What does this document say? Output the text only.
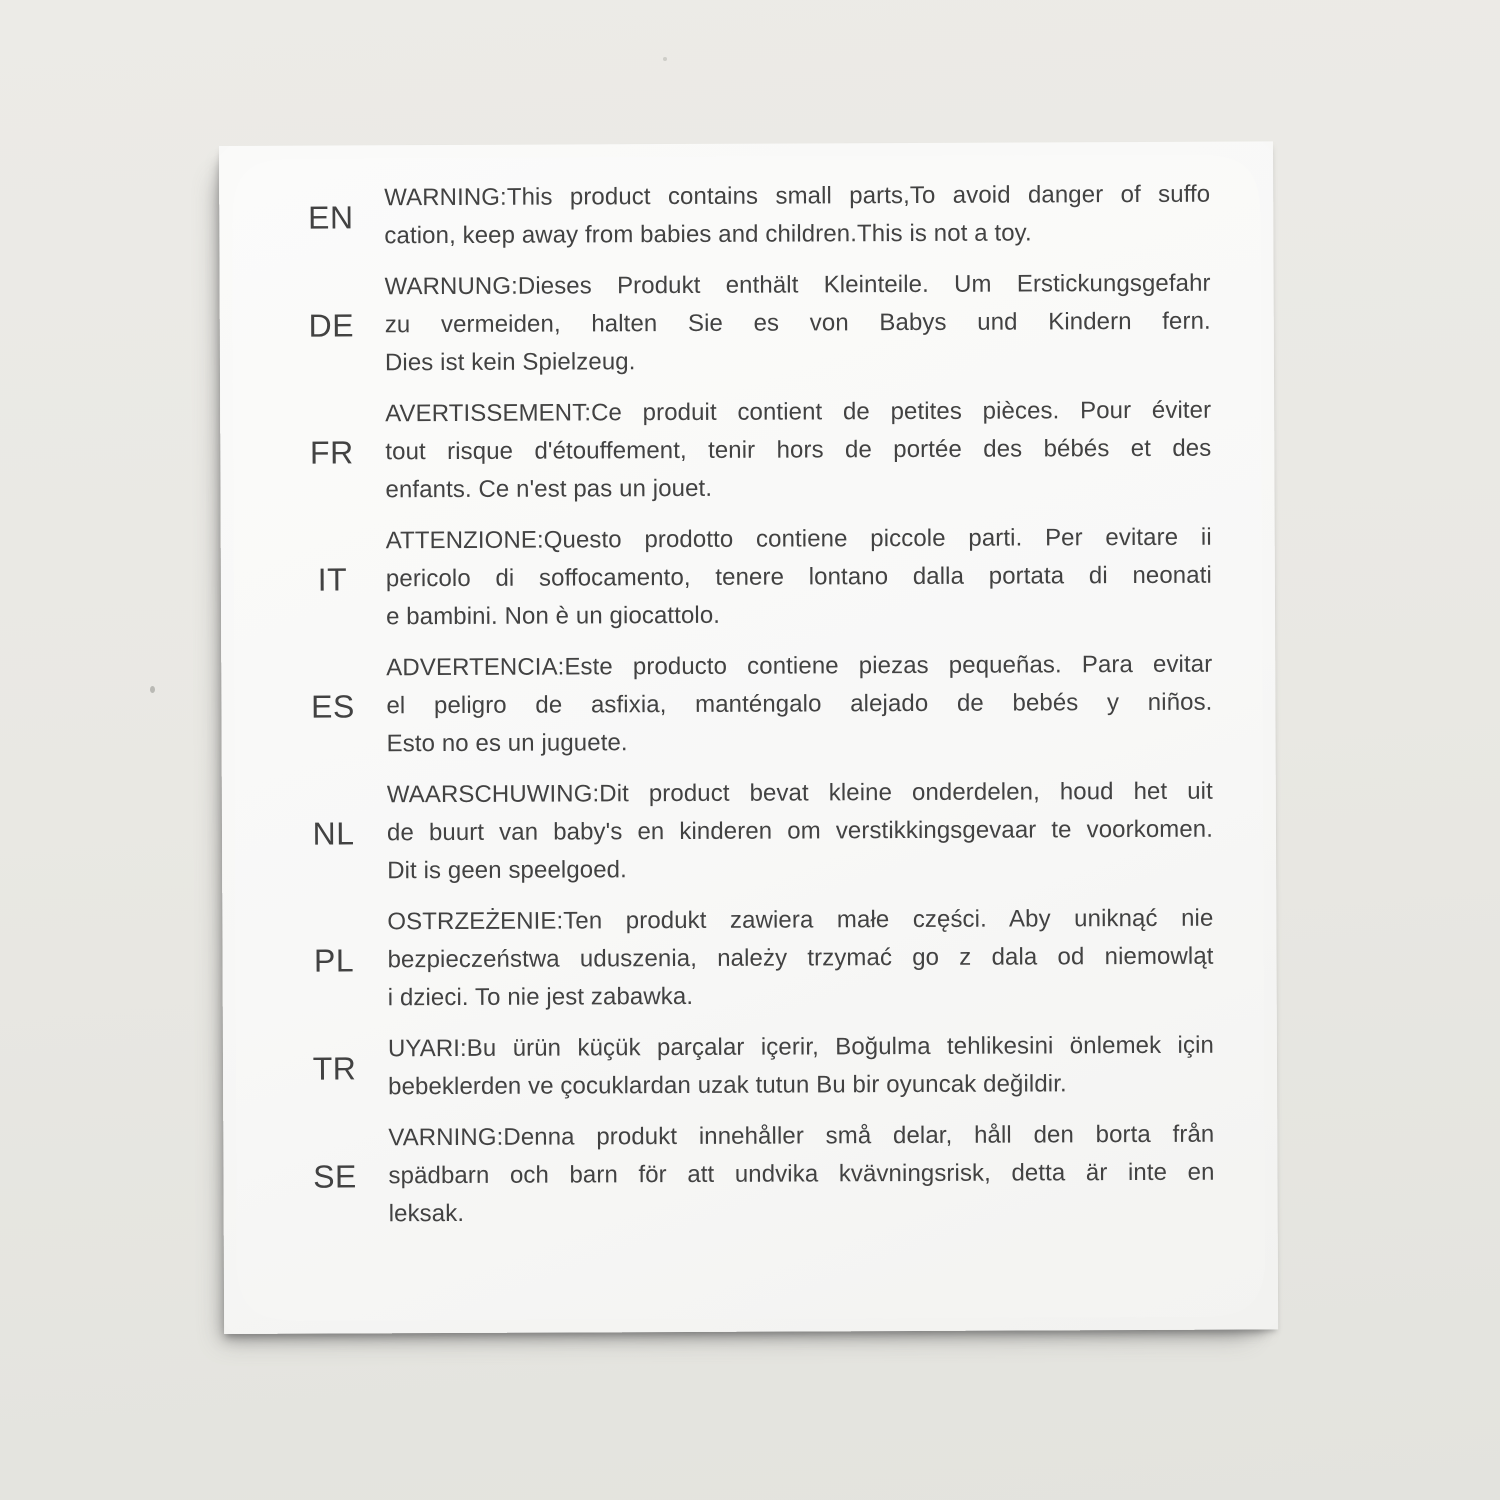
EN
WARNING:This product contains small parts,To avoid danger of suffo
cation, keep away from babies and children.This is not a toy.
DE
WARNUNG:Dieses Produkt enthält Kleinteile. Um Erstickungsgefahr
zu vermeiden, halten Sie es von Babys und Kindern fern.
Dies ist kein Spielzeug.
FR
AVERTISSEMENT:Ce produit contient de petites pièces. Pour éviter
tout risque d'étouffement, tenir hors de portée des bébés et des
enfants. Ce n'est pas un jouet.
IT
ATTENZIONE:Questo prodotto contiene piccole parti. Per evitare ii
pericolo di soffocamento, tenere lontano dalla portata di neonati
e bambini. Non è un giocattolo.
ES
ADVERTENCIA:Este producto contiene piezas pequeñas. Para evitar
el peligro de asfixia, manténgalo alejado de bebés y niños.
Esto no es un juguete.
NL
WAARSCHUWING:Dit product bevat kleine onderdelen, houd het uit
de buurt van baby's en kinderen om verstikkingsgevaar te voorkomen.
Dit is geen speelgoed.
PL
OSTRZEŻENIE:Ten produkt zawiera małe części. Aby uniknąć nie
bezpieczeństwa uduszenia, należy trzymać go z dala od niemowląt
i dzieci. To nie jest zabawka.
TR
UYARI:Bu ürün küçük parçalar içerir, Boğulma tehlikesini önlemek için
bebeklerden ve çocuklardan uzak tutun Bu bir oyuncak değildir.
SE
VARNING:Denna produkt innehåller små delar, håll den borta från
spädbarn och barn för att undvika kvävningsrisk, detta är inte en
leksak.
